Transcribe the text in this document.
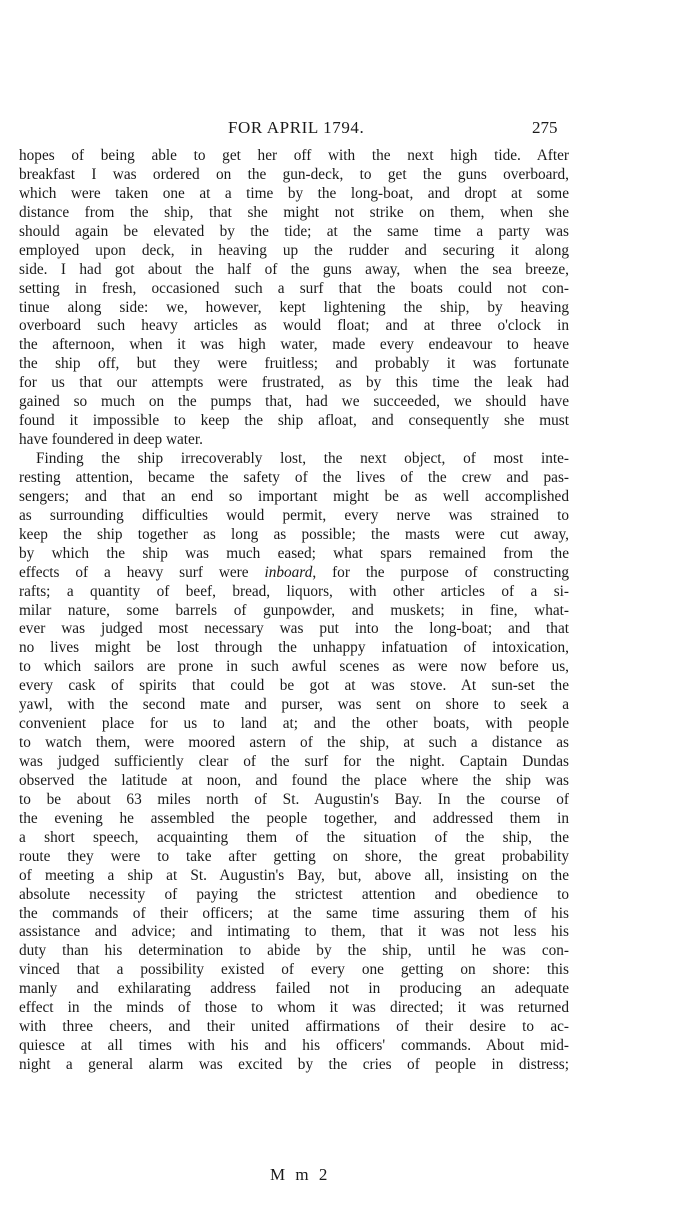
FOR APRIL 1794.	275
hopes of being able to get her off with the next high tide. After
breakfast I was ordered on the gun-deck, to get the guns overboard,
which were taken one at a time by the long-boat, and dropt at some
distance from the ship, that she might not strike on them, when she
should again be elevated by the tide; at the same time a party was
employed upon deck, in heaving up the rudder and securing it along
side. I had got about the half of the guns away, when the sea breeze,
setting in fresh, occasioned such a surf that the boats could not con-
tinue along side: we, however, kept lightening the ship, by heaving
overboard such heavy articles as would float; and at three o'clock in
the afternoon, when it was high water, made every endeavour to heave
the ship off, but they were fruitless; and probably it was fortunate
for us that our attempts were frustrated, as by this time the leak had
gained so much on the pumps that, had we succeeded, we should have
found it impossible to keep the ship afloat, and consequently she must
have foundered in deep water.
Finding the ship irrecoverably lost, the next object, of most inte-
resting attention, became the safety of the lives of the crew and pas-
sengers; and that an end so important might be as well accomplished
as surrounding difficulties would permit, every nerve was strained to
keep the ship together as long as possible; the masts were cut away,
by which the ship was much eased; what spars remained from the
effects of a heavy surf were inboard, for the purpose of constructing
rafts; a quantity of beef, bread, liquors, with other articles of a si-
milar nature, some barrels of gunpowder, and muskets; in fine, what-
ever was judged most necessary was put into the long-boat; and that
no lives might be lost through the unhappy infatuation of intoxication,
to which sailors are prone in such awful scenes as were now before us,
every cask of spirits that could be got at was stove. At sun-set the
yawl, with the second mate and purser, was sent on shore to seek a
convenient place for us to land at; and the other boats, with people
to watch them, were moored astern of the ship, at such a distance as
was judged sufficiently clear of the surf for the night. Captain Dundas
observed the latitude at noon, and found the place where the ship was
to be about 63 miles north of St. Augustin's Bay. In the course of
the evening he assembled the people together, and addressed them in
a short speech, acquainting them of the situation of the ship, the
route they were to take after getting on shore, the great probability
of meeting a ship at St. Augustin's Bay, but, above all, insisting on the
absolute necessity of paying the strictest attention and obedience to
the commands of their officers; at the same time assuring them of his
assistance and advice; and intimating to them, that it was not less his
duty than his determination to abide by the ship, until he was con-
vinced that a possibility existed of every one getting on shore: this
manly and exhilarating address failed not in producing an adequate
effect in the minds of those to whom it was directed; it was returned
with three cheers, and their united affirmations of their desire to ac-
quiesce at all times with his and his officers' commands. About mid-
night a general alarm was excited by the cries of people in distress;
M m 2
